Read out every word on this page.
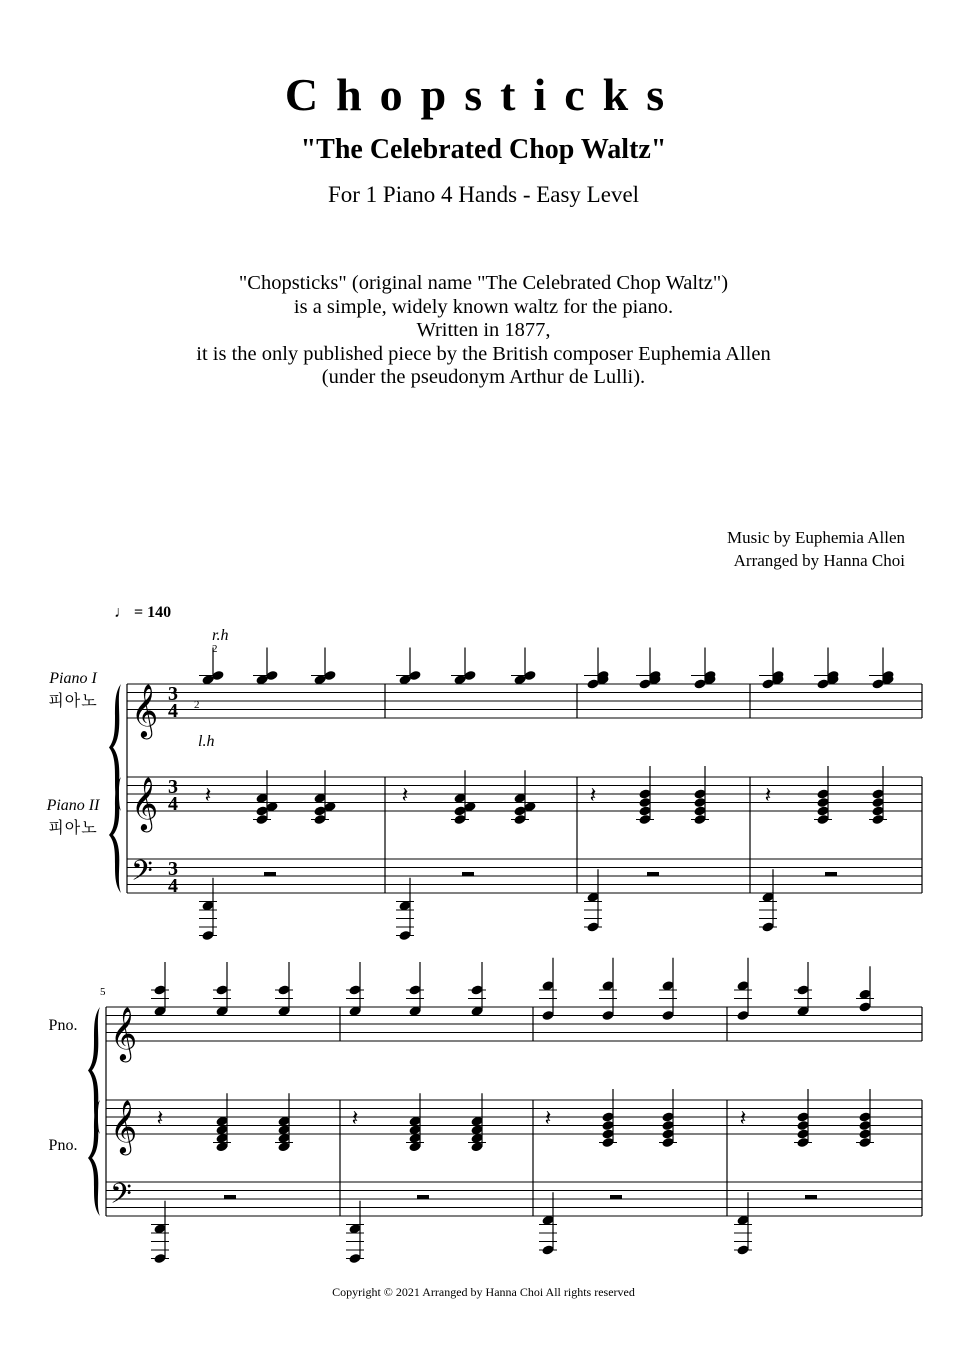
Chopsticks
"The Celebrated Chop Waltz"
For 1 Piano 4 Hands - Easy Level
"Chopsticks" (original name "The Celebrated Chop Waltz")
is a simple, widely known waltz for the piano.
Written in 1877,
it is the only published piece by the British composer Euphemia Allen
(under the pseudonym Arthur de Lulli).
Music by Euphemia Allen
Arranged by Hanna Choi
♩ = 140
Piano I
피아노
Piano II
피아노
Pno.
Pno.
Copyright © 2021 Arranged by Hanna Choi All rights reserved
𝄞
𝄞
𝄢
3
4
3
4
3
4
𝄽	𝄽	𝄽	𝄽
r.h
2
2
l.h
𝄞
𝄞
𝄢
5
𝄽	𝄽	𝄽	𝄽
